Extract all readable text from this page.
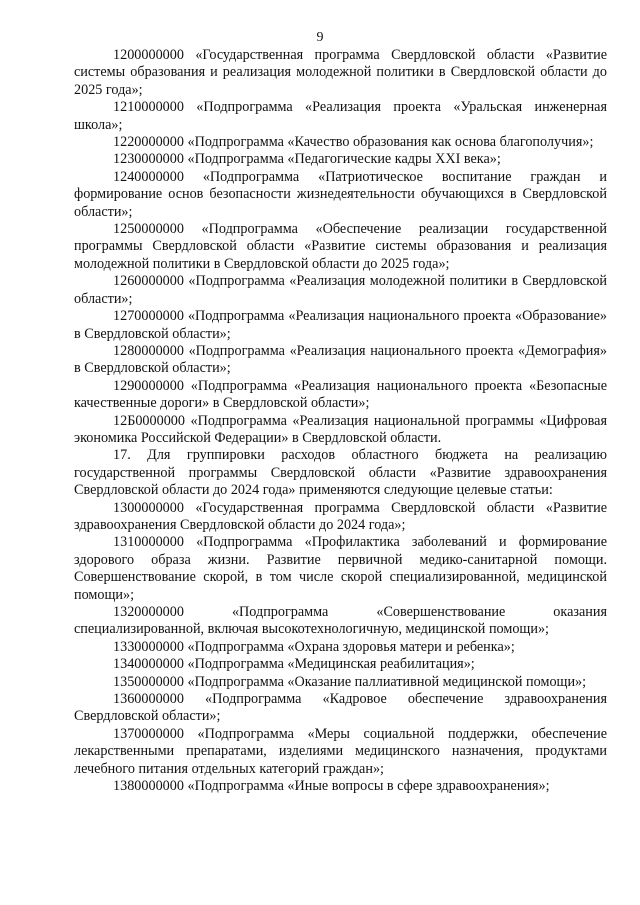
9

1200000000 «Государственная программа Свердловской области «Развитие системы образования и реализация молодежной политики в Свердловской области до 2025 года»;

1210000000 «Подпрограмма «Реализация проекта «Уральская инженерная школа»;

1220000000 «Подпрограмма «Качество образования как основа благополучия»;

1230000000 «Подпрограмма «Педагогические кадры XXI века»;

1240000000 «Подпрограмма «Патриотическое воспитание граждан и формирование основ безопасности жизнедеятельности обучающихся в Свердловской области»;

1250000000 «Подпрограмма «Обеспечение реализации государственной программы Свердловской области «Развитие системы образования и реализация молодежной политики в Свердловской области до 2025 года»;

1260000000 «Подпрограмма «Реализация молодежной политики в Свердловской области»;

1270000000 «Подпрограмма «Реализация национального проекта «Образование» в Свердловской области»;

1280000000 «Подпрограмма «Реализация национального проекта «Демография» в Свердловской области»;

1290000000 «Подпрограмма «Реализация национального проекта «Безопасные качественные дороги» в Свердловской области»;

12Б0000000 «Подпрограмма «Реализация национальной программы «Цифровая экономика Российской Федерации» в Свердловской области.

17. Для группировки расходов областного бюджета на реализацию государственной программы Свердловской области «Развитие здравоохранения Свердловской области до 2024 года» применяются следующие целевые статьи:

1300000000 «Государственная программа Свердловской области «Развитие здравоохранения Свердловской области до 2024 года»;

1310000000 «Подпрограмма «Профилактика заболеваний и формирование здорового образа жизни. Развитие первичной медико-санитарной помощи. Совершенствование скорой, в том числе скорой специализированной, медицинской помощи»;

1320000000 «Подпрограмма «Совершенствование оказания специализированной, включая высокотехнологичную, медицинской помощи»;

1330000000 «Подпрограмма «Охрана здоровья матери и ребенка»;

1340000000 «Подпрограмма «Медицинская реабилитация»;

1350000000 «Подпрограмма «Оказание паллиативной медицинской помощи»;

1360000000 «Подпрограмма «Кадровое обеспечение здравоохранения Свердловской области»;

1370000000 «Подпрограмма «Меры социальной поддержки, обеспечение лекарственными препаратами, изделиями медицинского назначения, продуктами лечебного питания отдельных категорий граждан»;

1380000000 «Подпрограмма «Иные вопросы в сфере здравоохранения»;
